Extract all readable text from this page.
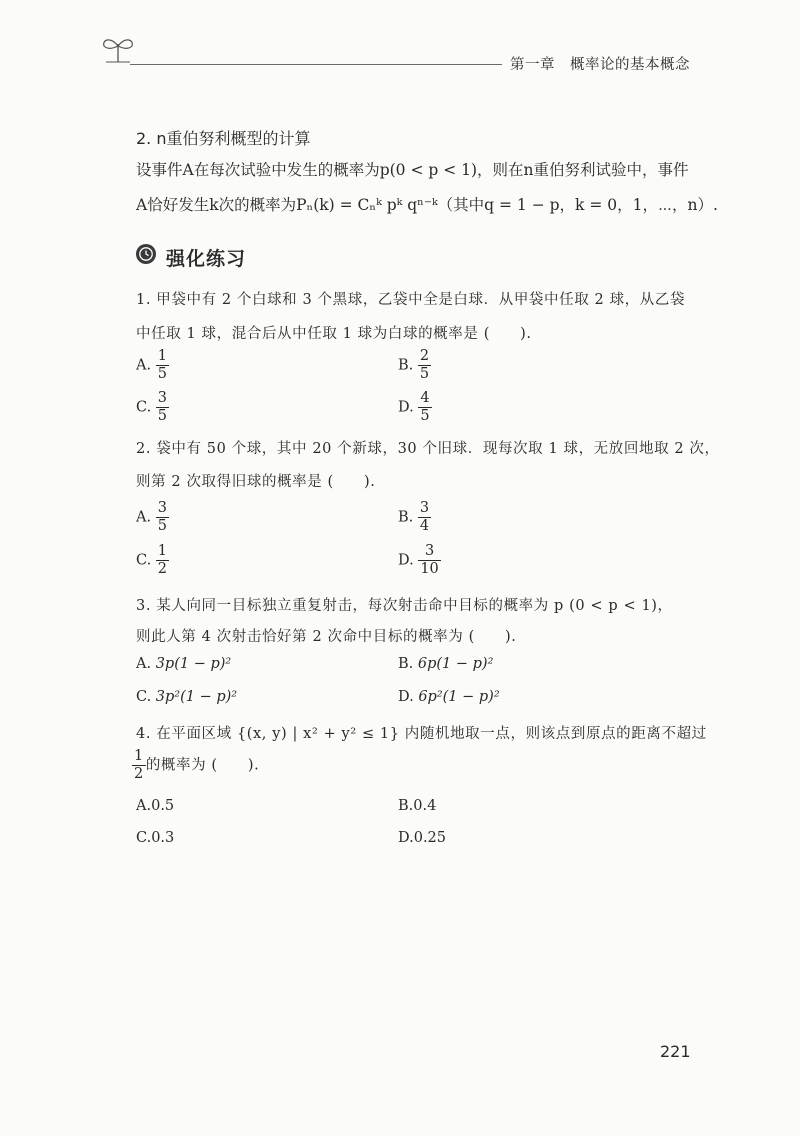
第一章　概率论的基本概念
2. n重伯努利概型的计算
设事件A在每次试验中发生的概率为p(0 < p < 1)，则在n重伯努利试验中，事件
A恰好发生k次的概率为Pₙ(k) = Cₙᵏ pᵏ qⁿ⁻ᵏ（其中q = 1 − p，k = 0，1，⋯，n）.
强化练习
1. 甲袋中有 2 个白球和 3 个黑球，乙袋中全是白球．从甲袋中任取 2 球，从乙袋
中任取 1 球，混合后从中任取 1 球为白球的概率是 (　　).
A. $\frac{1}{5}$	B. $\frac{2}{5}$
C. $\frac{3}{5}$	D. $\frac{4}{5}$
2. 袋中有 50 个球，其中 20 个新球，30 个旧球．现每次取 1 球，无放回地取 2 次，
则第 2 次取得旧球的概率是 (　　).
A. $\frac{3}{5}$	B. $\frac{3}{4}$
C. $\frac{1}{2}$	D. $\frac{3}{10}$
3. 某人向同一目标独立重复射击，每次射击命中目标的概率为 p (0 < p < 1)，
则此人第 4 次射击恰好第 2 次命中目标的概率为 (　　).
A. 3p(1 − p)²	B. 6p(1 − p)²
C. 3p²(1 − p)²	D. 6p²(1 − p)²
4. 在平面区域 {(x, y) | x² + y² ≤ 1} 内随机地取一点，则该点到原点的距离不超过
$\frac{1}{2}$ 的概率为 (　　).
A.0.5	B.0.4
C.0.3	D.0.25
221
